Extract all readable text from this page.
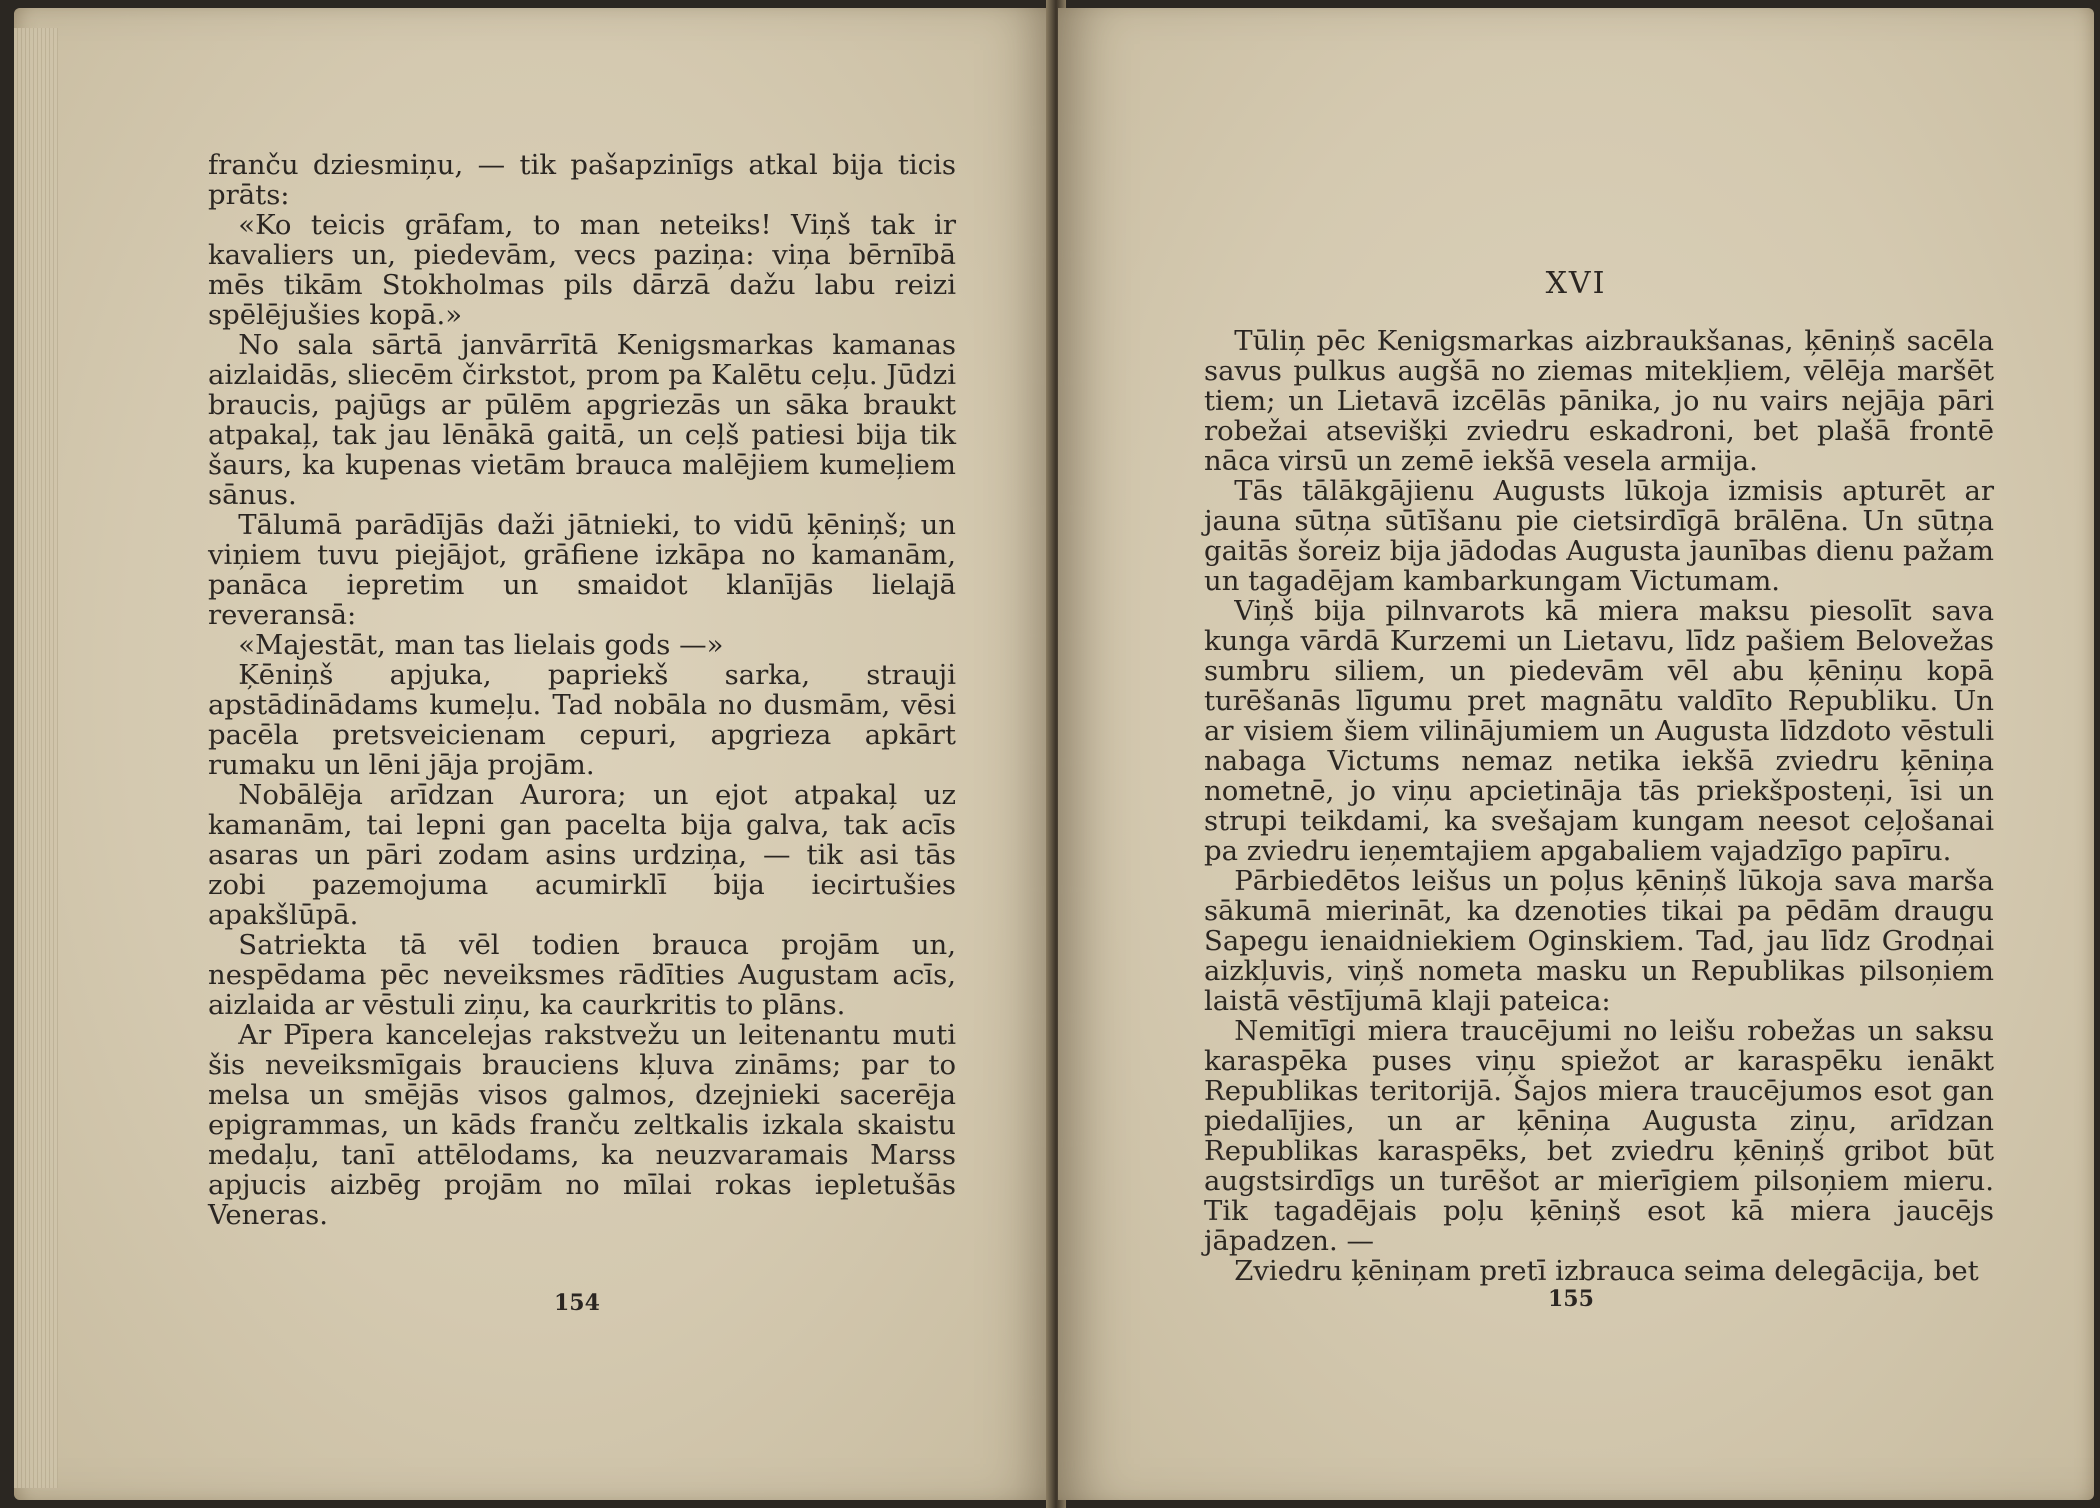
franču dziesmiņu, — tik pašapzinīgs atkal bija ticis prāts:

«Ko teicis grāfam, to man neteiks! Viņš tak ir kavaliers un, piedevām, vecs paziņa: viņa bērnībā mēs tikām Stokholmas pils dārzā dažu labu reizi spēlējušies kopā.»

No sala sārtā janvārrītā Kenigsmarkas kamanas aizlaidās, sliecēm čirkstot, prom pa Kalētu ceļu. Jūdzi braucis, pajūgs ar pūlēm apgriezās un sāka braukt atpakaļ, tak jau lēnākā gaitā, un ceļš patiesi bija tik šaurs, ka kupenas vietām brauca malējiem kumeļiem sānus.

Tālumā parādījās daži jātnieki, to vidū ķēniņš; un viņiem tuvu piejājot, grāfiene izkāpa no kamanām, panāca iepretim un smaidot klanījās lielajā reveransā:

«Majestāt, man tas lielais gods —»

Ķēniņš apjuka, papriekš sarka, strauji apstādinādams kumeļu. Tad nobāla no dusmām, vēsi pacēla pretsveicienam cepuri, apgrieza apkārt rumaku un lēni jāja projām.

Nobālēja arīdzan Aurora; un ejot atpakaļ uz kamanām, tai lepni gan pacelta bija galva, tak acīs asaras un pāri zodam asins urdziņa, — tik asi tās zobi pazemojuma acumirklī bija iecirtušies apakšlūpā.

Satriekta tā vēl todien brauca projām un, nespēdama pēc neveiksmes rādīties Augustam acīs, aizlaida ar vēstuli ziņu, ka caurkritis to plāns.

Ar Pīpera kancelejas rakstvežu un leitenantu muti šis neveiksmīgais brauciens kļuva zināms; par to melsa un smējās visos galmos, dzejnieki sacerēja epigrammas, un kāds franču zeltkalis izkala skaistu medaļu, tanī attēlodams, ka neuzvaramais Marss apjucis aizbēg projām no mīlai rokas iepletušās Veneras.

154
XVI

Tūliņ pēc Kenigsmarkas aizbraukšanas, ķēniņš sacēla savus pulkus augšā no ziemas mitekļiem, vēlēja maršēt tiem; un Lietavā izcēlās pānika, jo nu vairs nejāja pāri robežai atsevišķi zviedru eskadroni, bet plašā frontē nāca virsū un zemē iekšā vesela armija.

Tās tālākgājienu Augusts lūkoja izmisis apturēt ar jauna sūtņa sūtīšanu pie cietsirdīgā brālēna. Un sūtņa gaitās šoreiz bija jādodas Augusta jaunības dienu pažam un tagadējam kambarkungam Victumam.

Viņš bija pilnvarots kā miera maksu piesolīt sava kunga vārdā Kurzemi un Lietavu, līdz pašiem Belovežas sumbru siliem, un piedevām vēl abu ķēniņu kopā turēšanās līgumu pret magnātu valdīto Republiku. Un ar visiem šiem vilinājumiem un Augusta līdzdoto vēstuli nabaga Victums nemaz netika iekšā zviedru ķēniņa nometnē, jo viņu apcietināja tās priekšposteņi, īsi un strupi teikdami, ka svešajam kungam neesot ceļošanai pa zviedru ieņemtajiem apgabaliem vajadzīgo papīru.

Pārbiedētos leišus un poļus ķēniņš lūkoja sava marša sākumā mierināt, ka dzenoties tikai pa pēdām draugu Sapegu ienaidniekiem Oginskiem. Tad, jau līdz Grodņai aizkļuvis, viņš nometa masku un Republikas pilsoņiem laistā vēstījumā klaji pateica:

Nemitīgi miera traucējumi no leišu robežas un saksu karaspēka puses viņu spiežot ar karaspēku ienākt Republikas teritorijā. Šajos miera traucējumos esot gan piedalījies, un ar ķēniņa Augusta ziņu, arīdzan Republikas karaspēks, bet zviedru ķēniņš gribot būt augstsirdīgs un turēšot ar mierīgiem pilsoņiem mieru. Tik tagadējais poļu ķēniņš esot kā miera jaucējs jāpadzen. —

Zviedru ķēniņam pretī izbrauca seima delegācija, bet

155
